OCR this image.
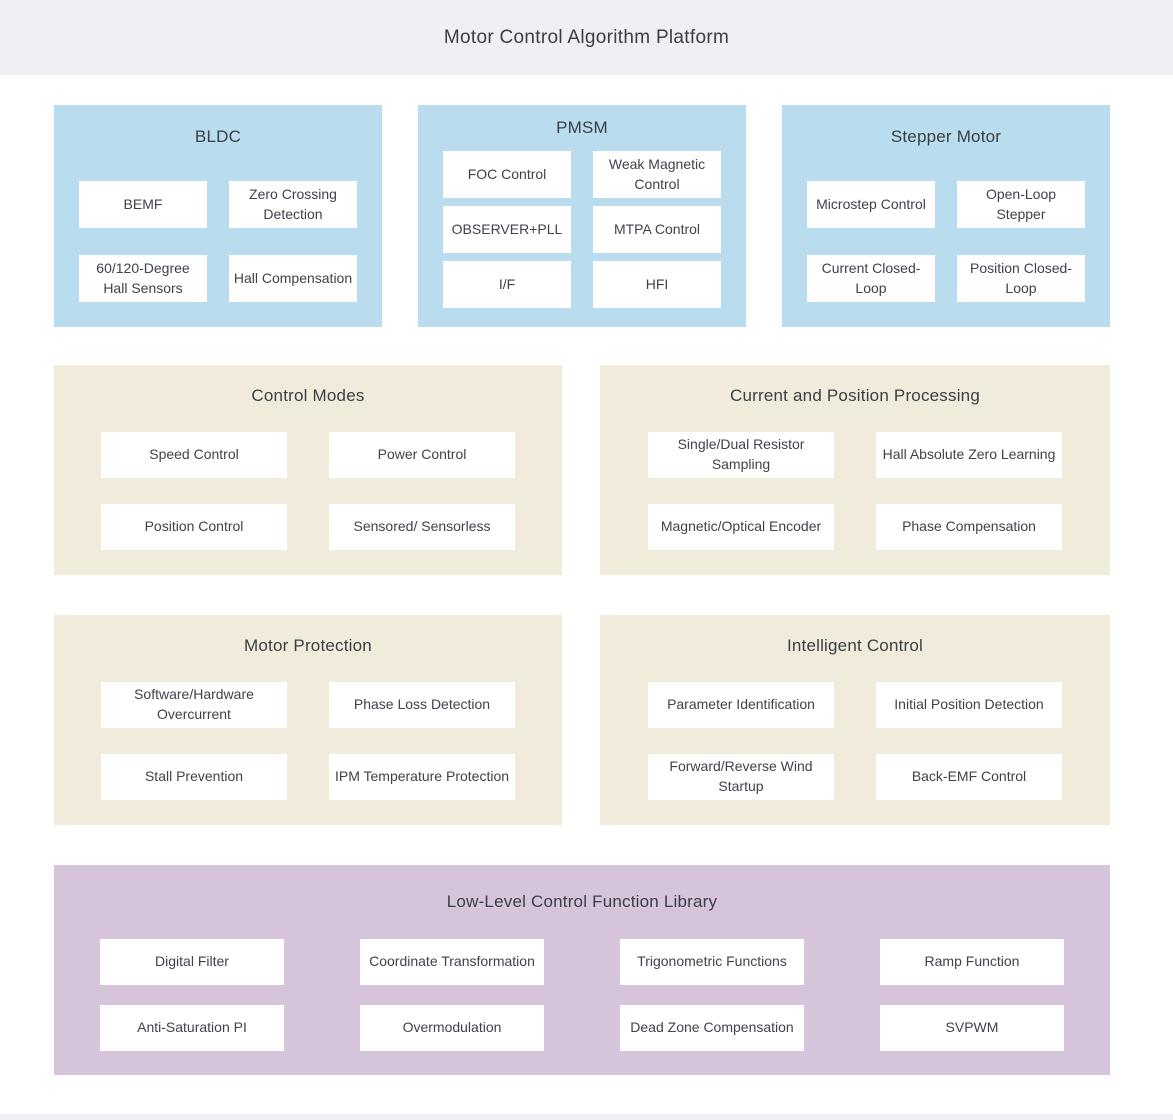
Motor Control Algorithm Platform
BLDC
BEMF
Zero Crossing Detection
60/120-Degree Hall Sensors
Hall Compensation
PMSM
FOC Control
Weak Magnetic Control
OBSERVER+PLL	MTPA Control
I/F	HFI
Stepper Motor
Microstep Control
Open-Loop Stepper
Current Closed-Loop
Position Closed-Loop
Control Modes
Speed Control	Power Control
Position Control	Sensored/ Sensorless
Current and Position Processing
Single/Dual Resistor Sampling
Hall Absolute Zero Learning
Magnetic/Optical Encoder	Phase Compensation
Motor Protection
Software/Hardware Overcurrent
Phase Loss Detection
Stall Prevention	IPM Temperature Protection
Intelligent Control
Parameter Identification	Initial Position Detection
Forward/Reverse Wind Startup
Back-EMF Control
Low-Level Control Function Library
Digital Filter	Coordinate Transformation	Trigonometric Functions	Ramp Function
Anti-Saturation PI	Overmodulation	Dead Zone Compensation	SVPWM
